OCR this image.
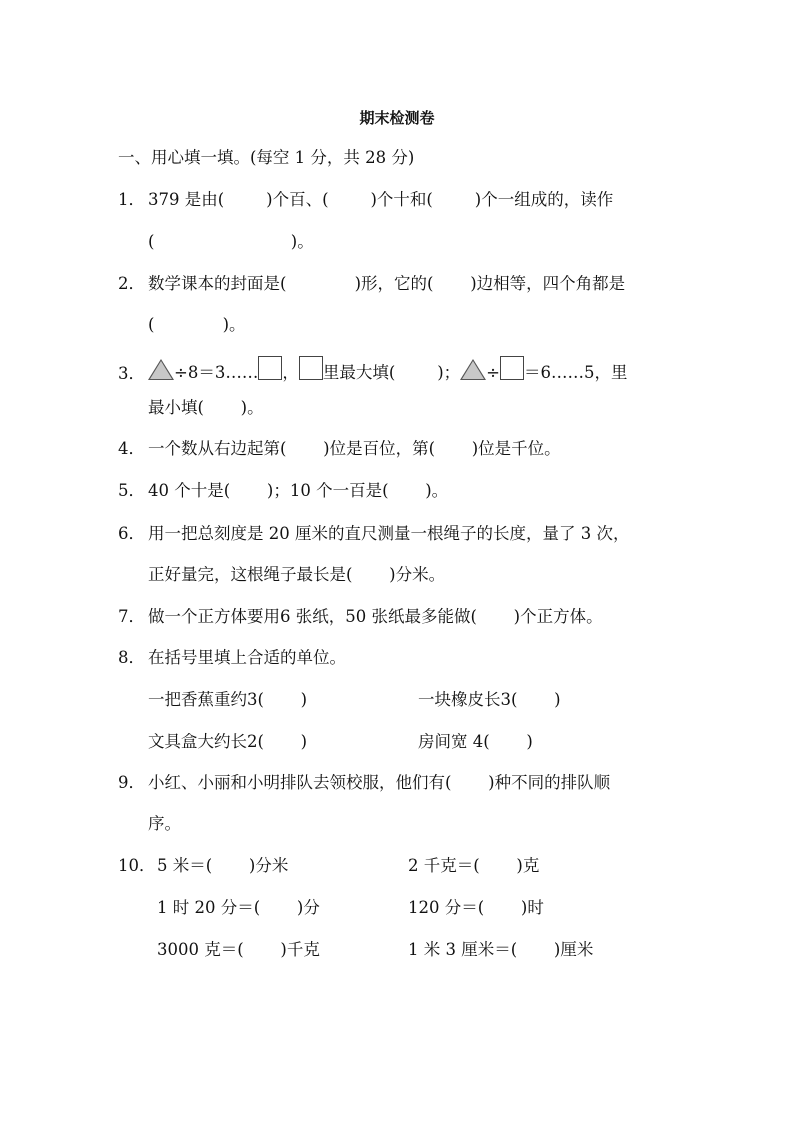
期末检测卷
一、用心填一填。(每空 1 分，共 28 分)
1． 379 是由(        )个百、(        )个十和(        )个一组成的，读作
(                          )。
2． 数学课本的封面是(             )形，它的(       )边相等，四个角都是
(             )。
3．	÷8＝3…… ， 里最大填(        )； ÷ ＝6……5，里
最小填(       )。
4． 一个数从右边起第(       )位是百位，第(       )位是千位。
5． 40 个十是(       )；10 个一百是(       )。
6． 用一把总刻度是 20 厘米的直尺测量一根绳子的长度，量了 3 次，
正好量完，这根绳子最长是(       )分米。
7． 做一个正方体要用6 张纸，50 张纸最多能做(       )个正方体。
8． 在括号里填上合适的单位。
一把香蕉重约3(       )	一块橡皮长3(       )
文具盒大约长2(       )	房间宽 4(       )
9． 小红、小丽和小明排队去领校服，他们有(       )种不同的排队顺
序。
10． 5 米＝(       )分米	2 千克＝(       )克
1 时 20 分＝(       )分	120 分＝(       )时
3000 克＝(       )千克	1 米 3 厘米＝(       )厘米
